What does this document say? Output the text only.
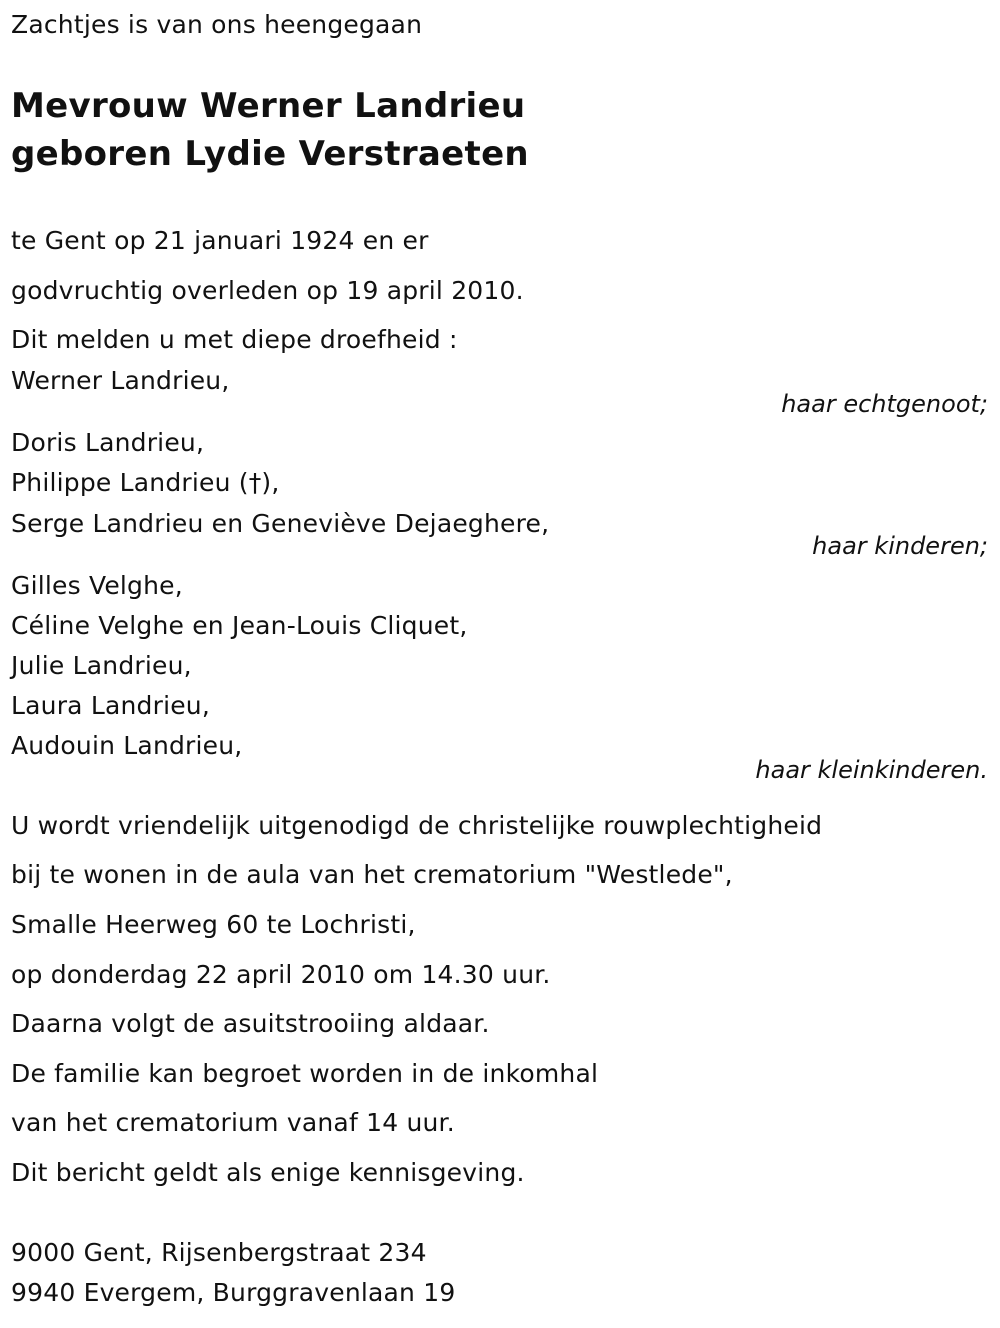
Zachtjes is van ons heengegaan
Mevrouw Werner Landrieu
geboren Lydie Verstraeten
te Gent op 21 januari 1924 en er
godvruchtig overleden op 19 april 2010.
Dit melden u met diepe droefheid :
Werner Landrieu,
haar echtgenoot;
Doris Landrieu,
Philippe Landrieu (†),
Serge Landrieu en Geneviève Dejaeghere,
haar kinderen;
Gilles Velghe,
Céline Velghe en Jean-Louis Cliquet,
Julie Landrieu,
Laura Landrieu,
Audouin Landrieu,
haar kleinkinderen.
U wordt vriendelijk uitgenodigd de christelijke rouwplechtigheid
bij te wonen in de aula van het crematorium "Westlede",
Smalle Heerweg 60 te Lochristi,
op donderdag 22 april 2010 om 14.30 uur.
Daarna volgt de asuitstrooiing aldaar.
De familie kan begroet worden in de inkomhal
van het crematorium vanaf 14 uur.
Dit bericht geldt als enige kennisgeving.
9000 Gent, Rijsenbergstraat 234
9940 Evergem, Burggravenlaan 19
